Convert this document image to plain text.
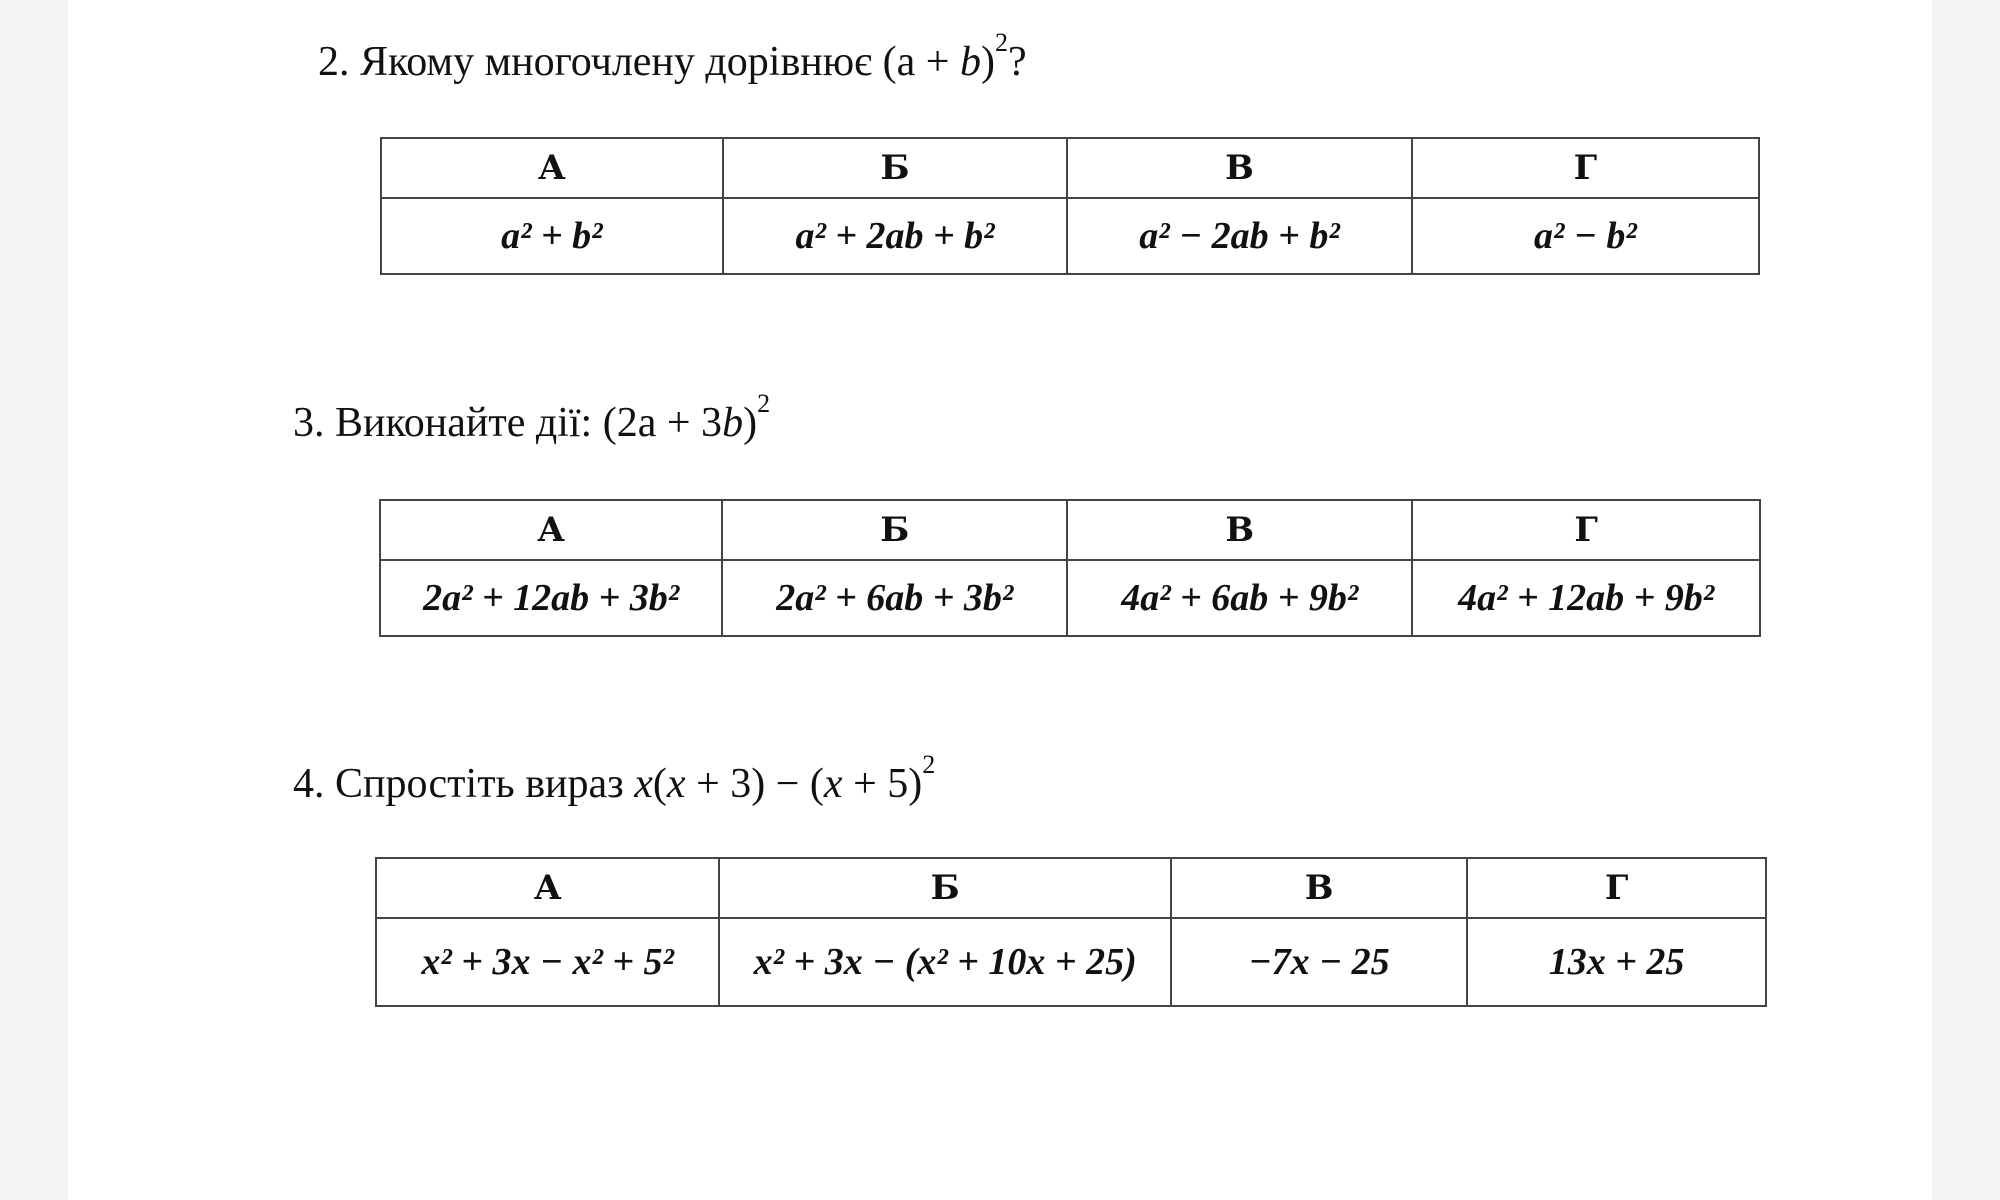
2. Якому многочлену дорівнює $(a + b)^2$?
А	Б	В	Г
a² + b²	a² + 2ab + b²	a² − 2ab + b²	a² − b²
3. Виконайте дії: $(2a + 3b)^2$
А	Б	В	Г
2a² + 12ab + 3b²	2a² + 6ab + 3b²	4a² + 6ab + 9b²	4a² + 12ab + 9b²
4. Спростіть вираз $x(x + 3) - (x + 5)^2$
А	Б	В	Г
x² + 3x − x² + 5²	x² + 3x − (x² + 10x + 25)	−7x − 25	13x + 25
